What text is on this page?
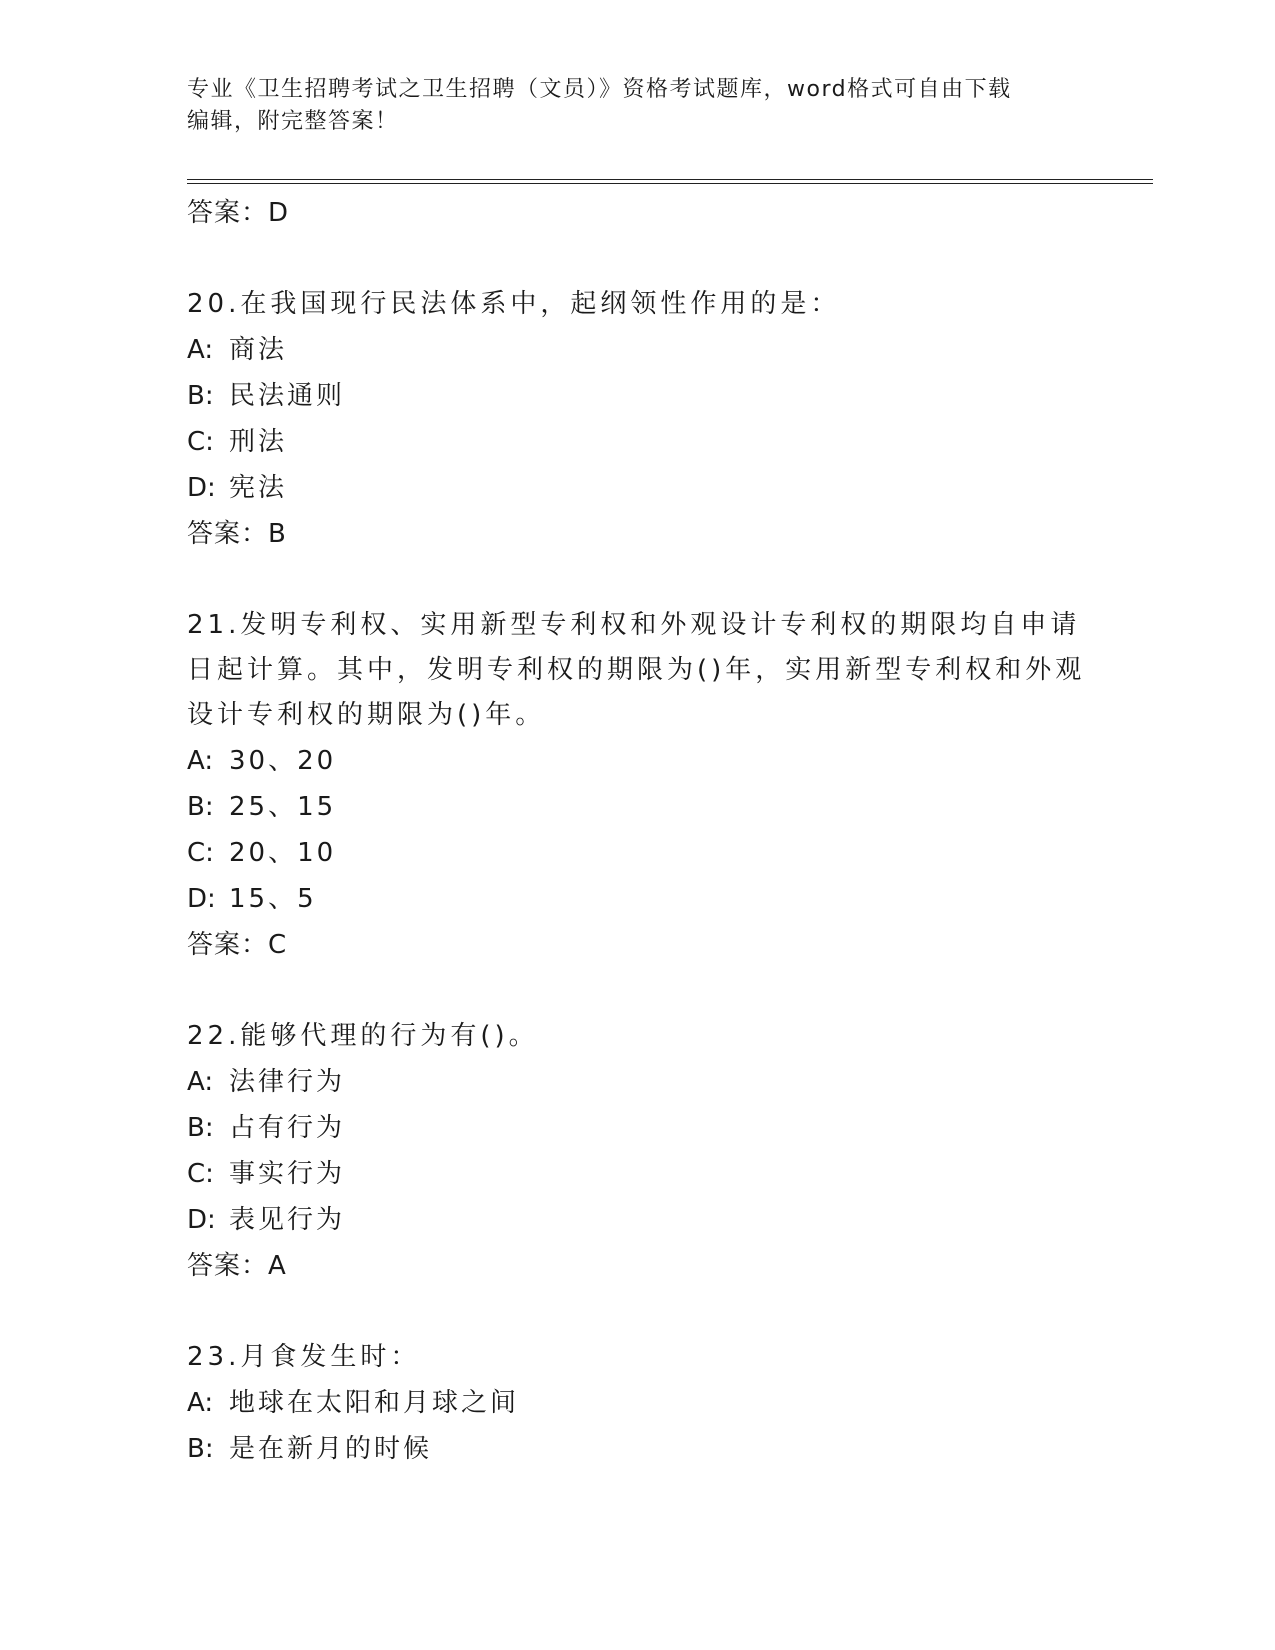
专业《卫生招聘考试之卫生招聘（文员）》资格考试题库，word格式可自由下载
编辑，附完整答案！
答案：D
20.在我国现行民法体系中，起纲领性作用的是：
A: 商法
B: 民法通则
C: 刑法
D: 宪法
答案：B
21.发明专利权、实用新型专利权和外观设计专利权的期限均自申请日起计算。其中，发明专利权的期限为()年，实用新型专利权和外观设计专利权的期限为()年。
A: 30、20
B: 25、15
C: 20、10
D: 15、5
答案：C
22.能够代理的行为有()。
A: 法律行为
B: 占有行为
C: 事实行为
D: 表见行为
答案：A
23.月食发生时：
A: 地球在太阳和月球之间
B: 是在新月的时候
